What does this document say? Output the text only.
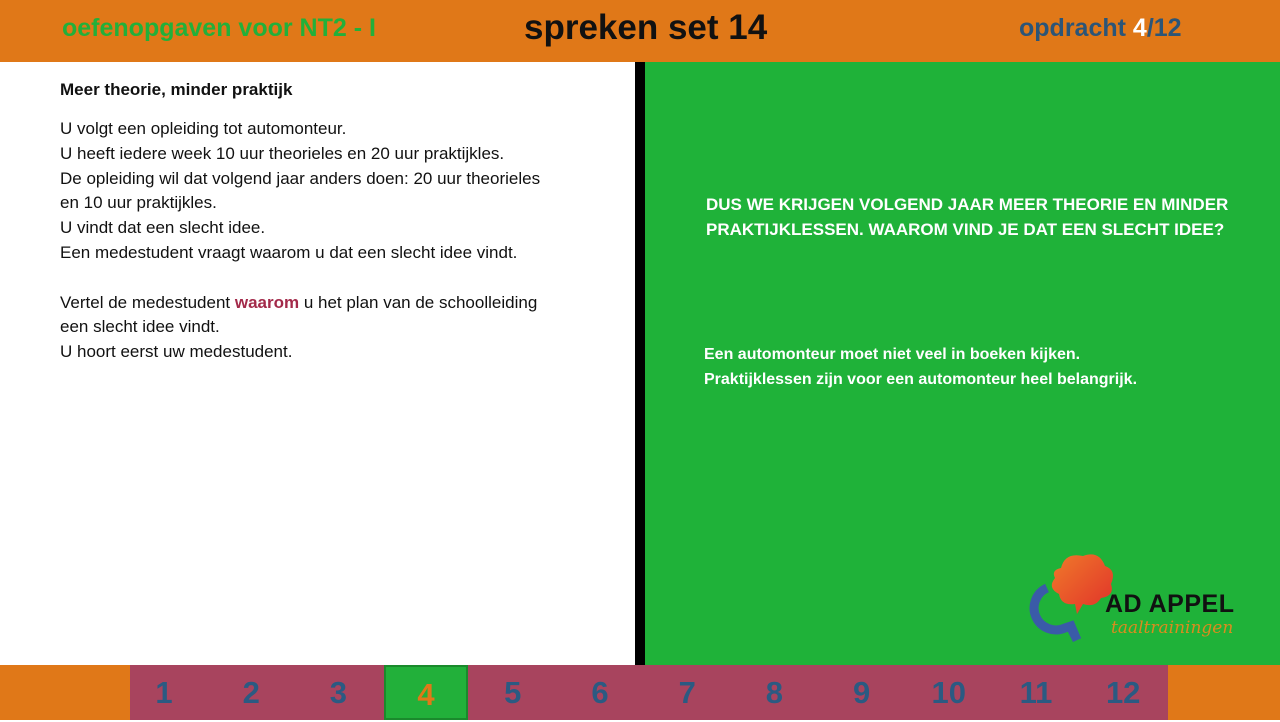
oefenopgaven voor NT2 - I	spreken set 14	opdracht 4/12
Meer theorie, minder praktijk
U volgt een opleiding tot automonteur.
U heeft iedere week 10 uur theorieles en 20 uur praktijkles.
De opleiding wil dat volgend jaar anders doen: 20 uur theorieles
en 10 uur praktijkles.
U vindt dat een slecht idee.
Een medestudent vraagt waarom u dat een slecht idee vindt.
Vertel de medestudent waarom u het plan van de schoolleiding
een slecht idee vindt.
U hoort eerst uw medestudent.
DUS WE KRIJGEN VOLGEND JAAR MEER THEORIE EN MINDER PRAKTIJKLESSEN. WAAROM VIND JE DAT EEN SLECHT IDEE?
Een automonteur moet niet veel in boeken kijken.
Praktijklessen zijn voor een automonteur heel belangrijk.
AD APPEL
taaltrainingen
1	2	3	4	5	6	7	8	9	10	11	12
